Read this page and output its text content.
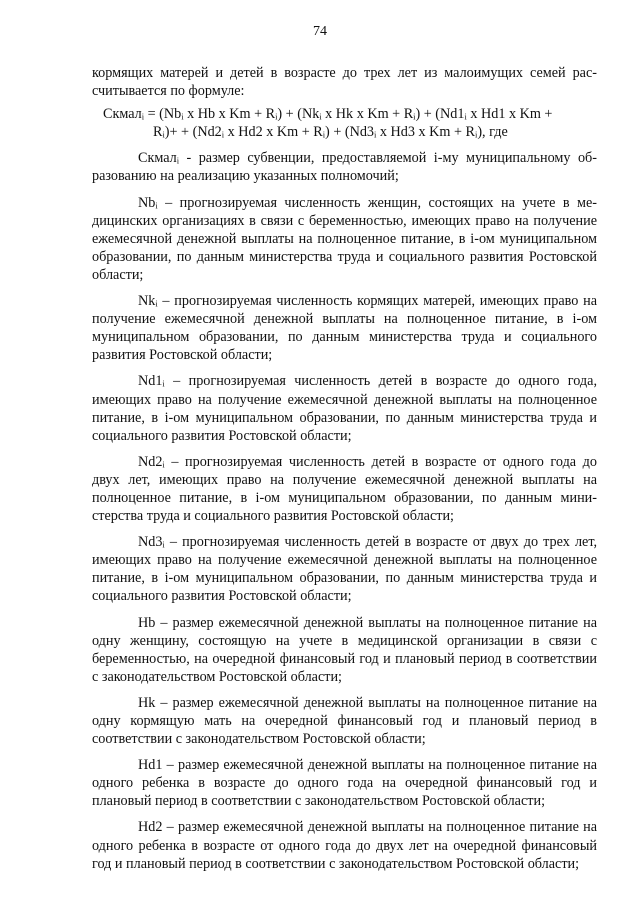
74

кормящих матерей и детей в возрасте до трех лет из малоимущих семей рассчитывается по формуле:

Скмалᵢ = (Nbᵢ х Hb х Km + Rᵢ) + (Nkᵢ х Hk х Km + Rᵢ) + (Nd1ᵢ х Hd1 х Km +
Rᵢ)+ + (Nd2ᵢ х Hd2 х Km + Rᵢ) + (Nd3ᵢ х Hd3 х Km + Rᵢ), где

Скмалᵢ - размер субвенции, предоставляемой i-му муниципальному образованию на реализацию указанных полномочий;

Nbᵢ – прогнозируемая численность женщин, состоящих на учете в медицинских организациях в связи с беременностью, имеющих право на получение ежемесячной денежной выплаты на полноценное питание, в i-ом муниципальном образовании, по данным министерства труда и социального развития Ростовской области;

Nkᵢ – прогнозируемая численность кормящих матерей, имеющих право на получение ежемесячной денежной выплаты на полноценное питание, в i-ом муниципальном образовании, по данным министерства труда и социального развития Ростовской области;

Nd1ᵢ – прогнозируемая численность детей в возрасте до одного года, имеющих право на получение ежемесячной денежной выплаты на полноценное питание, в i-ом муниципальном образовании, по данным министерства труда и социального развития Ростовской области;

Nd2ᵢ – прогнозируемая численность детей в возрасте от одного года до двух лет, имеющих право на получение ежемесячной денежной выплаты на полноценное питание, в i-ом муниципальном образовании, по данным министерства труда и социального развития Ростовской области;

Nd3ᵢ – прогнозируемая численность детей в возрасте от двух до трех лет, имеющих право на получение ежемесячной денежной выплаты на полноценное питание, в i-ом муниципальном образовании, по данным министерства труда и социального развития Ростовской области;

Hb – размер ежемесячной денежной выплаты на полноценное питание на одну женщину, состоящую на учете в медицинской организации в связи с беременностью, на очередной финансовый год и плановый период в соответствии с законодательством Ростовской области;

Hk – размер ежемесячной денежной выплаты на полноценное питание на одну кормящую мать на очередной финансовый год и плановый период в соответствии с законодательством Ростовской области;

Hd1 – размер ежемесячной денежной выплаты на полноценное питание на одного ребенка в возрасте до одного года на очередной финансовый год и плановый период в соответствии с законодательством Ростовской области;

Hd2 – размер ежемесячной денежной выплаты на полноценное питание на одного ребенка в возрасте от одного года до двух лет на очередной финансовый год и плановый период в соответствии с законодательством Ростовской области;
